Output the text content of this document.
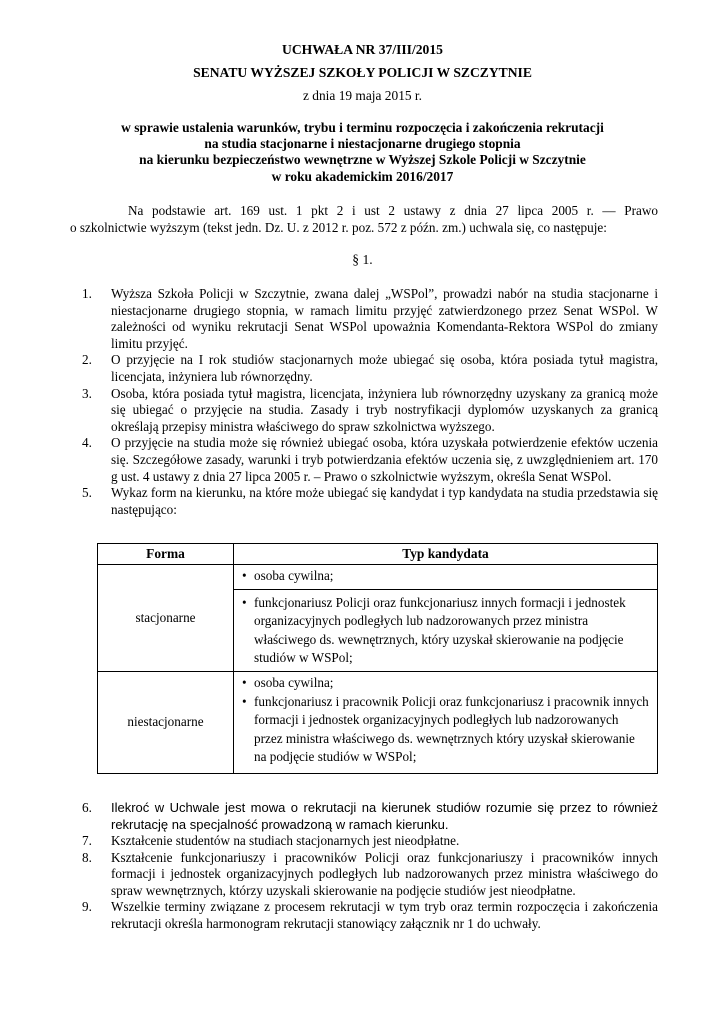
UCHWAŁA NR 37/III/2015
SENATU WYŻSZEJ SZKOŁY POLICJI W SZCZYTNIE
z dnia 19 maja 2015 r.
w sprawie ustalenia warunków, trybu i terminu rozpoczęcia i zakończenia rekrutacji
na studia stacjonarne i niestacjonarne drugiego stopnia
na kierunku bezpieczeństwo wewnętrzne w Wyższej Szkole Policji w Szczytnie
w roku akademickim 2016/2017
Na podstawie art. 169 ust. 1 pkt 2 i ust 2 ustawy z dnia 27 lipca 2005 r. — Prawo
o szkolnictwie wyższym (tekst jedn. Dz. U. z 2012 r. poz. 572 z późn. zm.) uchwala się, co następuje:
§ 1.
1. Wyższa Szkoła Policji w Szczytnie, zwana dalej „WSPol”, prowadzi nabór na studia stacjonarne i niestacjonarne drugiego stopnia, w ramach limitu przyjęć zatwierdzonego przez Senat WSPol. W zależności od wyniku rekrutacji Senat WSPol upoważnia Komendanta-Rektora WSPol do zmiany limitu przyjęć.
2. O przyjęcie na I rok studiów stacjonarnych może ubiegać się osoba, która posiada tytuł magistra, licencjata, inżyniera lub równorzędny.
3. Osoba, która posiada tytuł magistra, licencjata, inżyniera lub równorzędny uzyskany za granicą może się ubiegać o przyjęcie na studia. Zasady i tryb nostryfikacji dyplomów uzyskanych za granicą określają przepisy ministra właściwego do spraw szkolnictwa wyższego.
4. O przyjęcie na studia może się również ubiegać osoba, która uzyskała potwierdzenie efektów uczenia się. Szczegółowe zasady, warunki i tryb potwierdzania efektów uczenia się, z uwzględnieniem art. 170 g ust. 4 ustawy z dnia 27 lipca 2005 r. – Prawo o szkolnictwie wyższym, określa Senat WSPol.
5. Wykaz form na kierunku, na które może ubiegać się kandydat i typ kandydata na studia przedstawia się następująco:
Forma	Typ kandydata
stacjonarne	• osoba cywilna;
• funkcjonariusz Policji oraz funkcjonariusz innych formacji i jednostek organizacyjnych podległych lub nadzorowanych przez ministra właściwego ds. wewnętrznych, który uzyskał skierowanie na podjęcie studiów w WSPol;

niestacjonarne	• osoba cywilna;
• funkcjonariusz i pracownik Policji oraz funkcjonariusz i pracownik innych formacji i jednostek organizacyjnych podległych lub nadzorowanych przez ministra właściwego ds. wewnętrznych który uzyskał skierowanie na podjęcie studiów w WSPol;
6. Ilekroć w Uchwale jest mowa o rekrutacji na kierunek studiów rozumie się przez to również rekrutację na specjalność prowadzoną w ramach kierunku.
7. Kształcenie studentów na studiach stacjonarnych jest nieodpłatne.
8. Kształcenie funkcjonariuszy i pracowników Policji oraz funkcjonariuszy i pracowników innych formacji i jednostek organizacyjnych podległych lub nadzorowanych przez ministra właściwego do spraw wewnętrznych, którzy uzyskali skierowanie na podjęcie studiów jest nieodpłatne.
9. Wszelkie terminy związane z procesem rekrutacji w tym tryb oraz termin rozpoczęcia i zakończenia rekrutacji określa harmonogram rekrutacji stanowiący załącznik nr 1 do uchwały.
